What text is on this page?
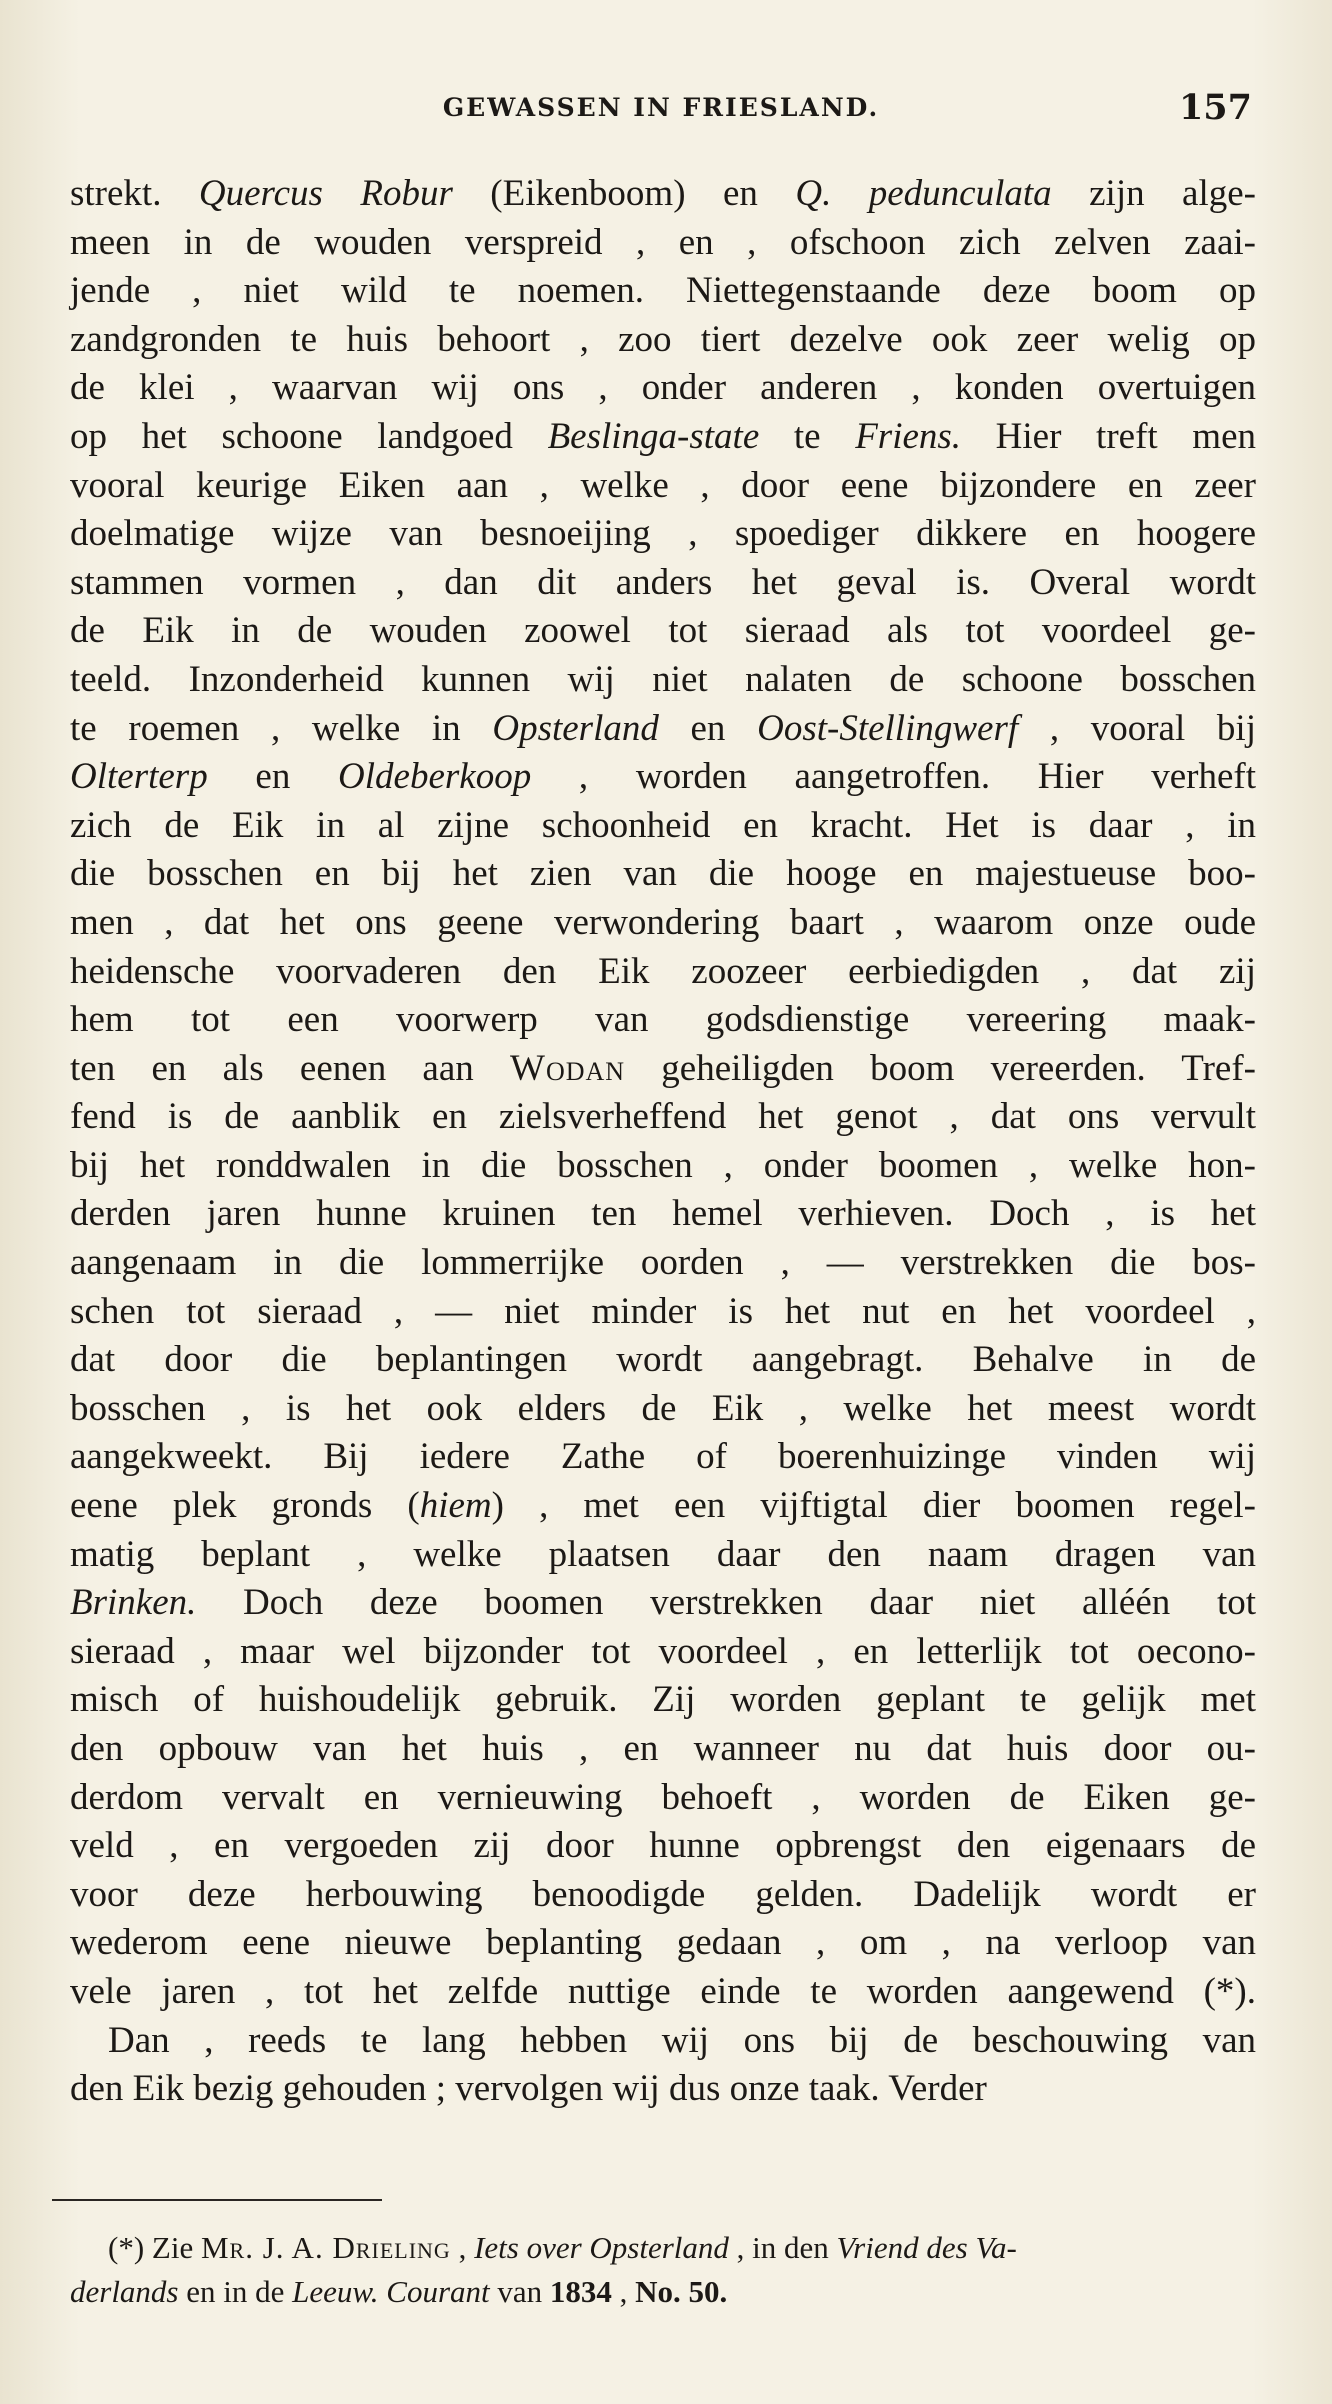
GEWASSEN IN FRIESLAND.	157
strekt. Quercus Robur (Eikenboom) en Q. pedunculata zijn alge-
meen in de wouden verspreid , en , ofschoon zich zelven zaai-
jende , niet wild te noemen. Niettegenstaande deze boom op
zandgronden te huis behoort , zoo tiert dezelve ook zeer welig op
de klei , waarvan wij ons , onder anderen , konden overtuigen
op het schoone landgoed Beslinga-state te Friens. Hier treft men
vooral keurige Eiken aan , welke , door eene bijzondere en zeer
doelmatige wijze van besnoeijing , spoediger dikkere en hoogere
stammen vormen , dan dit anders het geval is. Overal wordt
de Eik in de wouden zoowel tot sieraad als tot voordeel ge-
teeld. Inzonderheid kunnen wij niet nalaten de schoone bosschen
te roemen , welke in Opsterland en Oost-Stellingwerf , vooral bij
Olterterp en Oldeberkoop , worden aangetroffen. Hier verheft
zich de Eik in al zijne schoonheid en kracht. Het is daar , in
die bosschen en bij het zien van die hooge en majestueuse boo-
men , dat het ons geene verwondering baart , waarom onze oude
heidensche voorvaderen den Eik zoozeer eerbiedigden , dat zij
hem tot een voorwerp van godsdienstige vereering maak-
ten en als eenen aan Wodan geheiligden boom vereerden. Tref-
fend is de aanblik en zielsverheffend het genot , dat ons vervult
bij het ronddwalen in die bosschen , onder boomen , welke hon-
derden jaren hunne kruinen ten hemel verhieven. Doch , is het
aangenaam in die lommerrijke oorden , — verstrekken die bos-
schen tot sieraad , — niet minder is het nut en het voordeel ,
dat door die beplantingen wordt aangebragt. Behalve in de
bosschen , is het ook elders de Eik , welke het meest wordt
aangekweekt. Bij iedere Zathe of boerenhuizinge vinden wij
eene plek gronds (hiem) , met een vijftigtal dier boomen regel-
matig beplant , welke plaatsen daar den naam dragen van
Brinken. Doch deze boomen verstrekken daar niet alléén tot
sieraad , maar wel bijzonder tot voordeel , en letterlijk tot oecono-
misch of huishoudelijk gebruik. Zij worden geplant te gelijk met
den opbouw van het huis , en wanneer nu dat huis door ou-
derdom vervalt en vernieuwing behoeft , worden de Eiken ge-
veld , en vergoeden zij door hunne opbrengst den eigenaars de
voor deze herbouwing benoodigde gelden. Dadelijk wordt er
wederom eene nieuwe beplanting gedaan , om , na verloop van
vele jaren , tot het zelfde nuttige einde te worden aangewend (*).
Dan , reeds te lang hebben wij ons bij de beschouwing van
den Eik bezig gehouden ; vervolgen wij dus onze taak. Verder
(*) Zie Mr. J. A. Drieling , Iets over Opsterland , in den Vriend des Va-
derlands en in de Leeuw. Courant van 1834 , No. 50.
